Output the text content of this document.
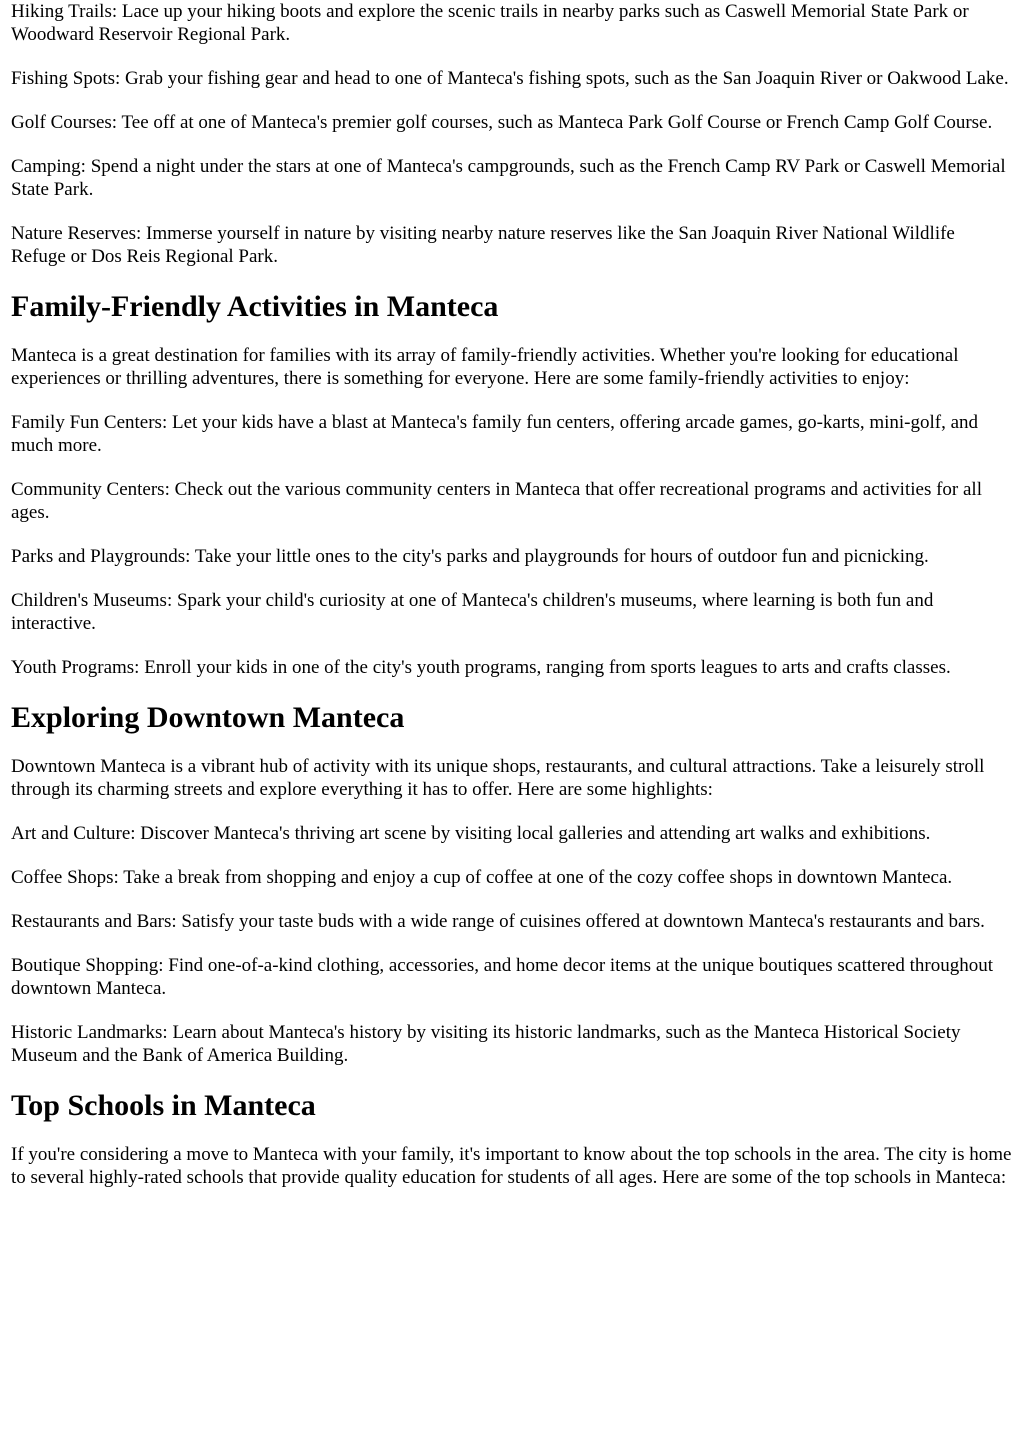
Hiking Trails: Lace up your hiking boots and explore the scenic trails in nearby parks such as Caswell Memorial State Park or Woodward Reservoir Regional Park.

Fishing Spots: Grab your fishing gear and head to one of Manteca's fishing spots, such as the San Joaquin River or Oakwood Lake.

Golf Courses: Tee off at one of Manteca's premier golf courses, such as Manteca Park Golf Course or French Camp Golf Course.

Camping: Spend a night under the stars at one of Manteca's campgrounds, such as the French Camp RV Park or Caswell Memorial State Park.

Nature Reserves: Immerse yourself in nature by visiting nearby nature reserves like the San Joaquin River National Wildlife Refuge or Dos Reis Regional Park.

Family-Friendly Activities in Manteca

Manteca is a great destination for families with its array of family-friendly activities. Whether you're looking for educational experiences or thrilling adventures, there is something for everyone. Here are some family-friendly activities to enjoy:

Family Fun Centers: Let your kids have a blast at Manteca's family fun centers, offering arcade games, go-karts, mini-golf, and much more.

Community Centers: Check out the various community centers in Manteca that offer recreational programs and activities for all ages.

Parks and Playgrounds: Take your little ones to the city's parks and playgrounds for hours of outdoor fun and picnicking.

Children's Museums: Spark your child's curiosity at one of Manteca's children's museums, where learning is both fun and interactive.

Youth Programs: Enroll your kids in one of the city's youth programs, ranging from sports leagues to arts and crafts classes.

Exploring Downtown Manteca

Downtown Manteca is a vibrant hub of activity with its unique shops, restaurants, and cultural attractions. Take a leisurely stroll through its charming streets and explore everything it has to offer. Here are some highlights:

Art and Culture: Discover Manteca's thriving art scene by visiting local galleries and attending art walks and exhibitions.

Coffee Shops: Take a break from shopping and enjoy a cup of coffee at one of the cozy coffee shops in downtown Manteca.

Restaurants and Bars: Satisfy your taste buds with a wide range of cuisines offered at downtown Manteca's restaurants and bars.

Boutique Shopping: Find one-of-a-kind clothing, accessories, and home decor items at the unique boutiques scattered throughout downtown Manteca.

Historic Landmarks: Learn about Manteca's history by visiting its historic landmarks, such as the Manteca Historical Society Museum and the Bank of America Building.

Top Schools in Manteca

If you're considering a move to Manteca with your family, it's important to know about the top schools in the area. The city is home to several highly-rated schools that provide quality education for students of all ages. Here are some of the top schools in Manteca:
